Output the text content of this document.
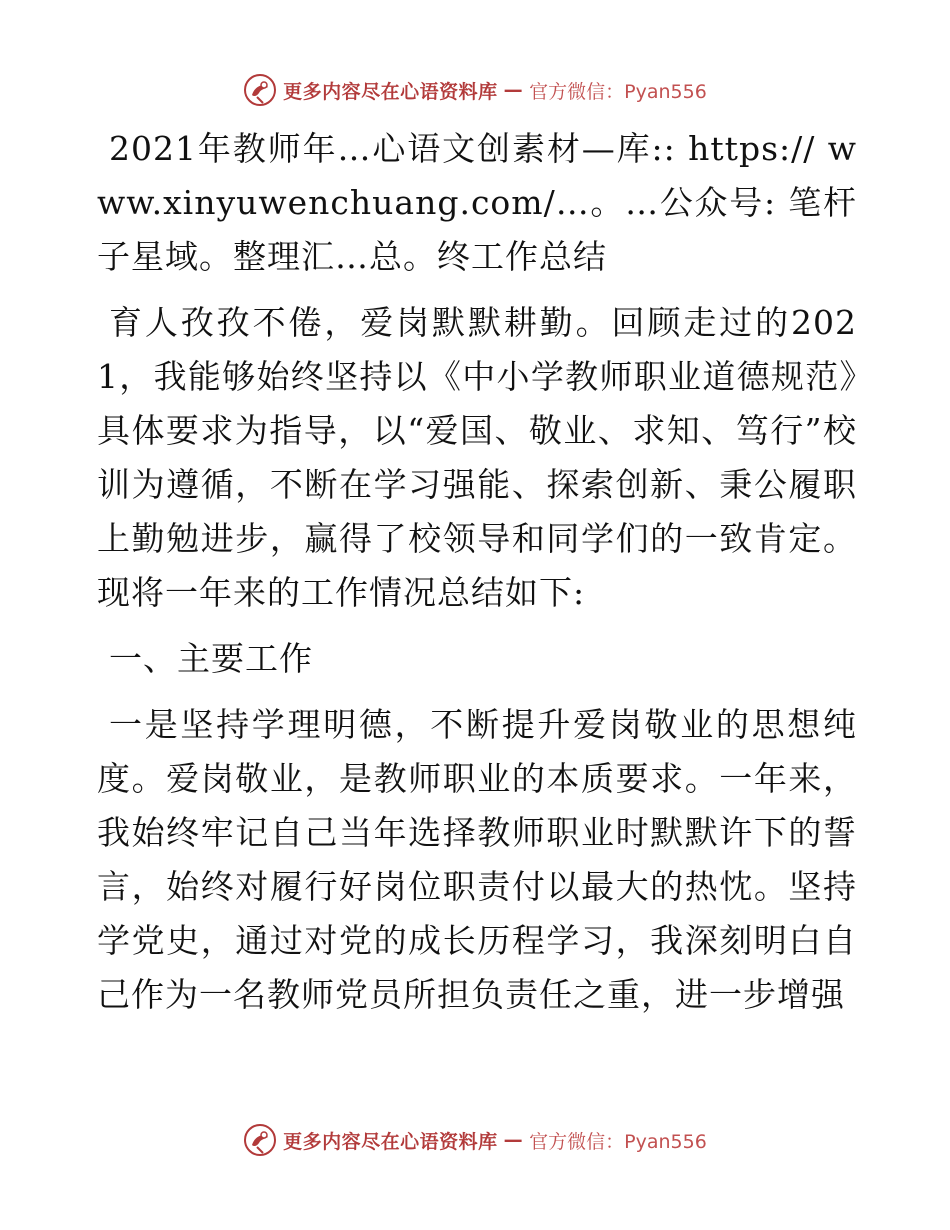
更多内容尽在心语资料库 — 官方微信：Pyan556

2021年教师年…心语文创素材—库:: https:// www.xinyuwenchuang.com/…。…公众号: 笔杆子星域。整理汇…总。终工作总结

育人孜孜不倦，爱岗默默耕勤。回顾走过的2021，我能够始终坚持以《中小学教师职业道德规范》具体要求为指导，以“爱国、敬业、求知、笃行”校训为遵循，不断在学习强能、探索创新、秉公履职上勤勉进步，赢得了校领导和同学们的一致肯定。现将一年来的工作情况总结如下:

一、主要工作

一是坚持学理明德，不断提升爱岗敬业的思想纯度。爱岗敬业，是教师职业的本质要求。一年来，我始终牢记自己当年选择教师职业时默默许下的誓言，始终对履行好岗位职责付以最大的热忱。坚持学党史，通过对党的成长历程学习，我深刻明白自己作为一名教师党员所担负责任之重，进一步增强

更多内容尽在心语资料库 — 官方微信：Pyan556
